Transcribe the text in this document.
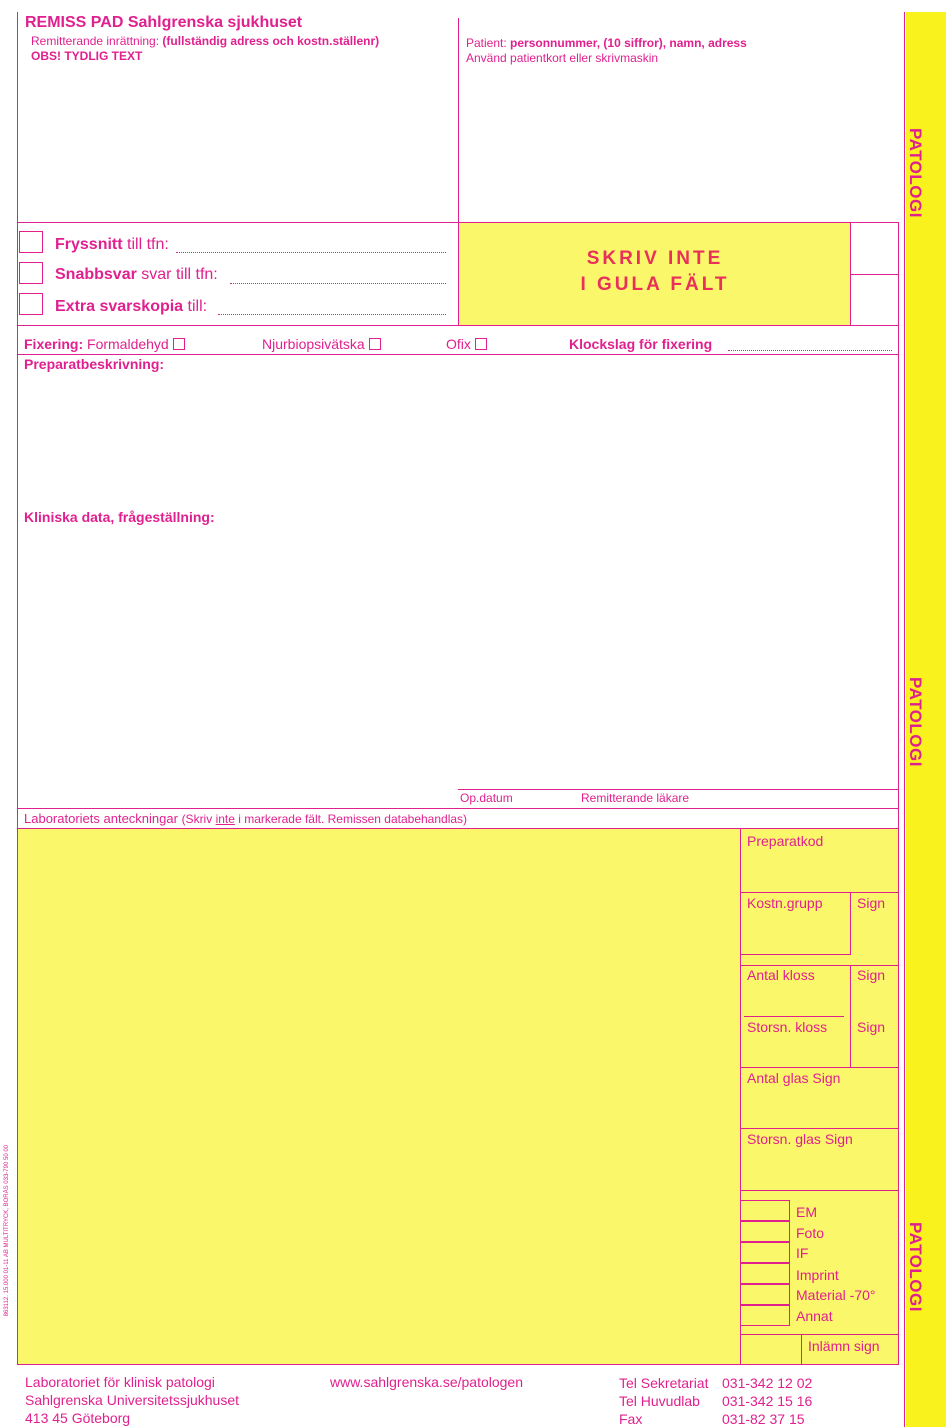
REMISS PAD Sahlgrenska sjukhuset
Remitterande inrättning: (fullständig adress och kostn.ställenr)
OBS! TYDLIG TEXT
Patient: personnummer, (10 siffror), namn, adress
Använd patientkort eller skrivmaskin
Fryssnitt till tfn:
Snabbsvar svar till tfn:
Extra svarskopia till:
SKRIV INTE
I GULA FÄLT
Fixering: Formaldehyd	Njurbiopsivätska	Ofix	Klockslag för fixering
Preparatbeskrivning:
Kliniska data, frågeställning:
Op.datum	Remitterande läkare
Laboratoriets anteckningar (Skriv inte i markerade fält. Remissen databehandlas)
Preparatkod
Kostn.grupp Sign
Antal kloss	Sign
Storsn. kloss Sign
Antal glas Sign
Storsn. glas Sign
EM
Foto
IF
Imprint
Material -70°
Annat
Inlämn sign
PATOLOGI
PATOLOGI
PATOLOGI
863112. 15.000 01-11 AB MULTITRYCK, BORÅS 033-790 50 00
Laboratoriet för klinisk patologi
Sahlgrenska Universitetssjukhuset
413 45 Göteborg
www.sahlgrenska.se/patologen	Tel Sekretariat 031-342 12 02
Tel Huvudlab 031-342 15 16
Fax	031-82 37 15
